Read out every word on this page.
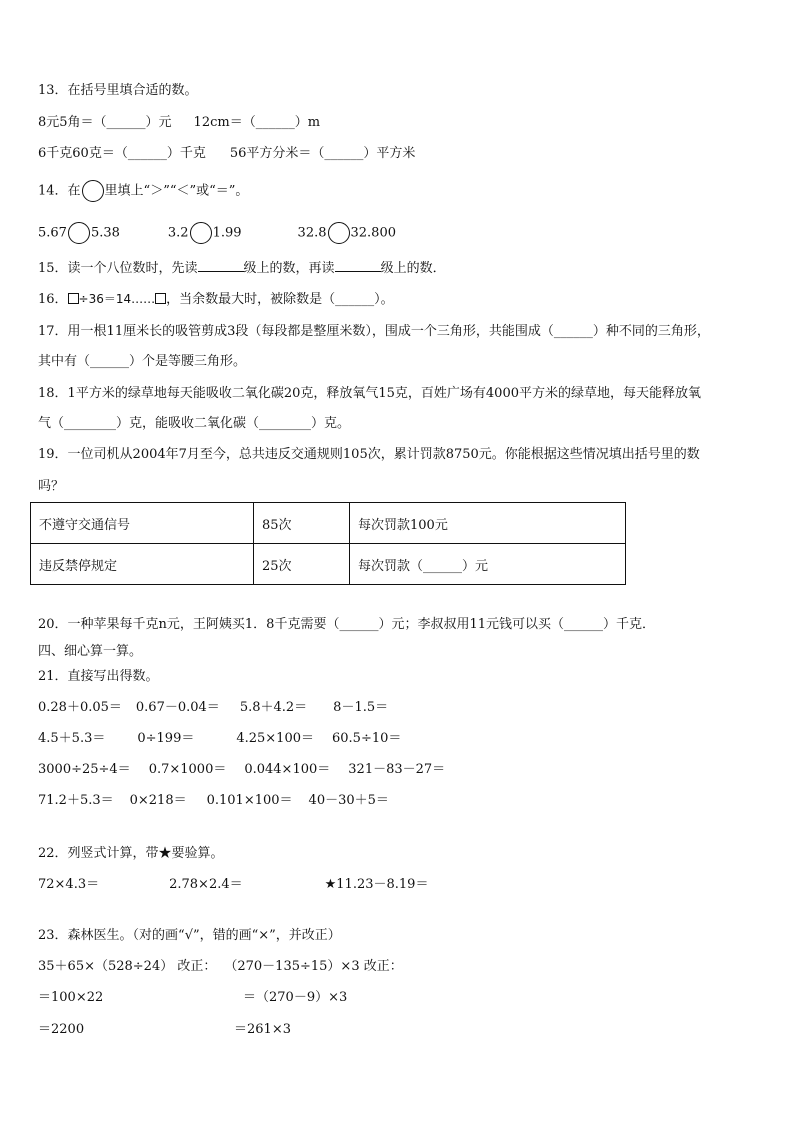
13．在括号里填合适的数。
8元5角＝（______）元 12cm＝（______）m
6千克60克＝（______）千克 56平方分米＝（______）平方米
14．在 里填上“＞”“＜”或“＝”。
5.67 5.38	3.2 1.99	32.8 32.800
15．读一个八位数时，先读	级上的数，再读	级上的数．
16． ÷36＝14…… ，当余数最大时，被除数是（______）。
17．用一根11厘米长的吸管剪成3段（每段都是整厘米数），围成一个三角形，共能围成（______）种不同的三角形，
其中有（______）个是等腰三角形。
18．1平方米的绿草地每天能吸收二氧化碳20克，释放氧气15克，百姓广场有4000平方米的绿草地，每天能释放氧
气（________）克，能吸收二氧化碳（________）克。
19．一位司机从2004年7月至今，总共违反交通规则105次，累计罚款8750元。你能根据这些情况填出括号里的数
吗？
不遵守交通信号	85次	每次罚款100元
违反禁停规定	25次	每次罚款（______）元
20．一种苹果每千克n元，王阿姨买1．8千克需要（______）元；李叔叔用11元钱可以买（______）千克．
四、细心算一算。
21．直接写出得数。
0.28＋0.05＝ 0.67－0.04＝ 5.8＋4.2＝ 8－1.5＝
4.5＋5.3＝ 0÷199＝	4.25×100＝ 60.5÷10＝
3000÷25÷4＝ 0.7×1000＝ 0.044×100＝ 321－83－27＝
71.2＋5.3＝ 0×218＝ 0.101×100＝ 40－30＋5＝
22．列竖式计算，带★要验算。
72×4.3＝	2.78×2.4＝	★11.23－8.19＝
23．森林医生。（对的画“√”，错的画“×”，并改正）
35＋65×（528÷24） 改正： （270－135÷15）×3 改正：
＝100×22	＝（270－9）×3
＝2200	＝261×3
